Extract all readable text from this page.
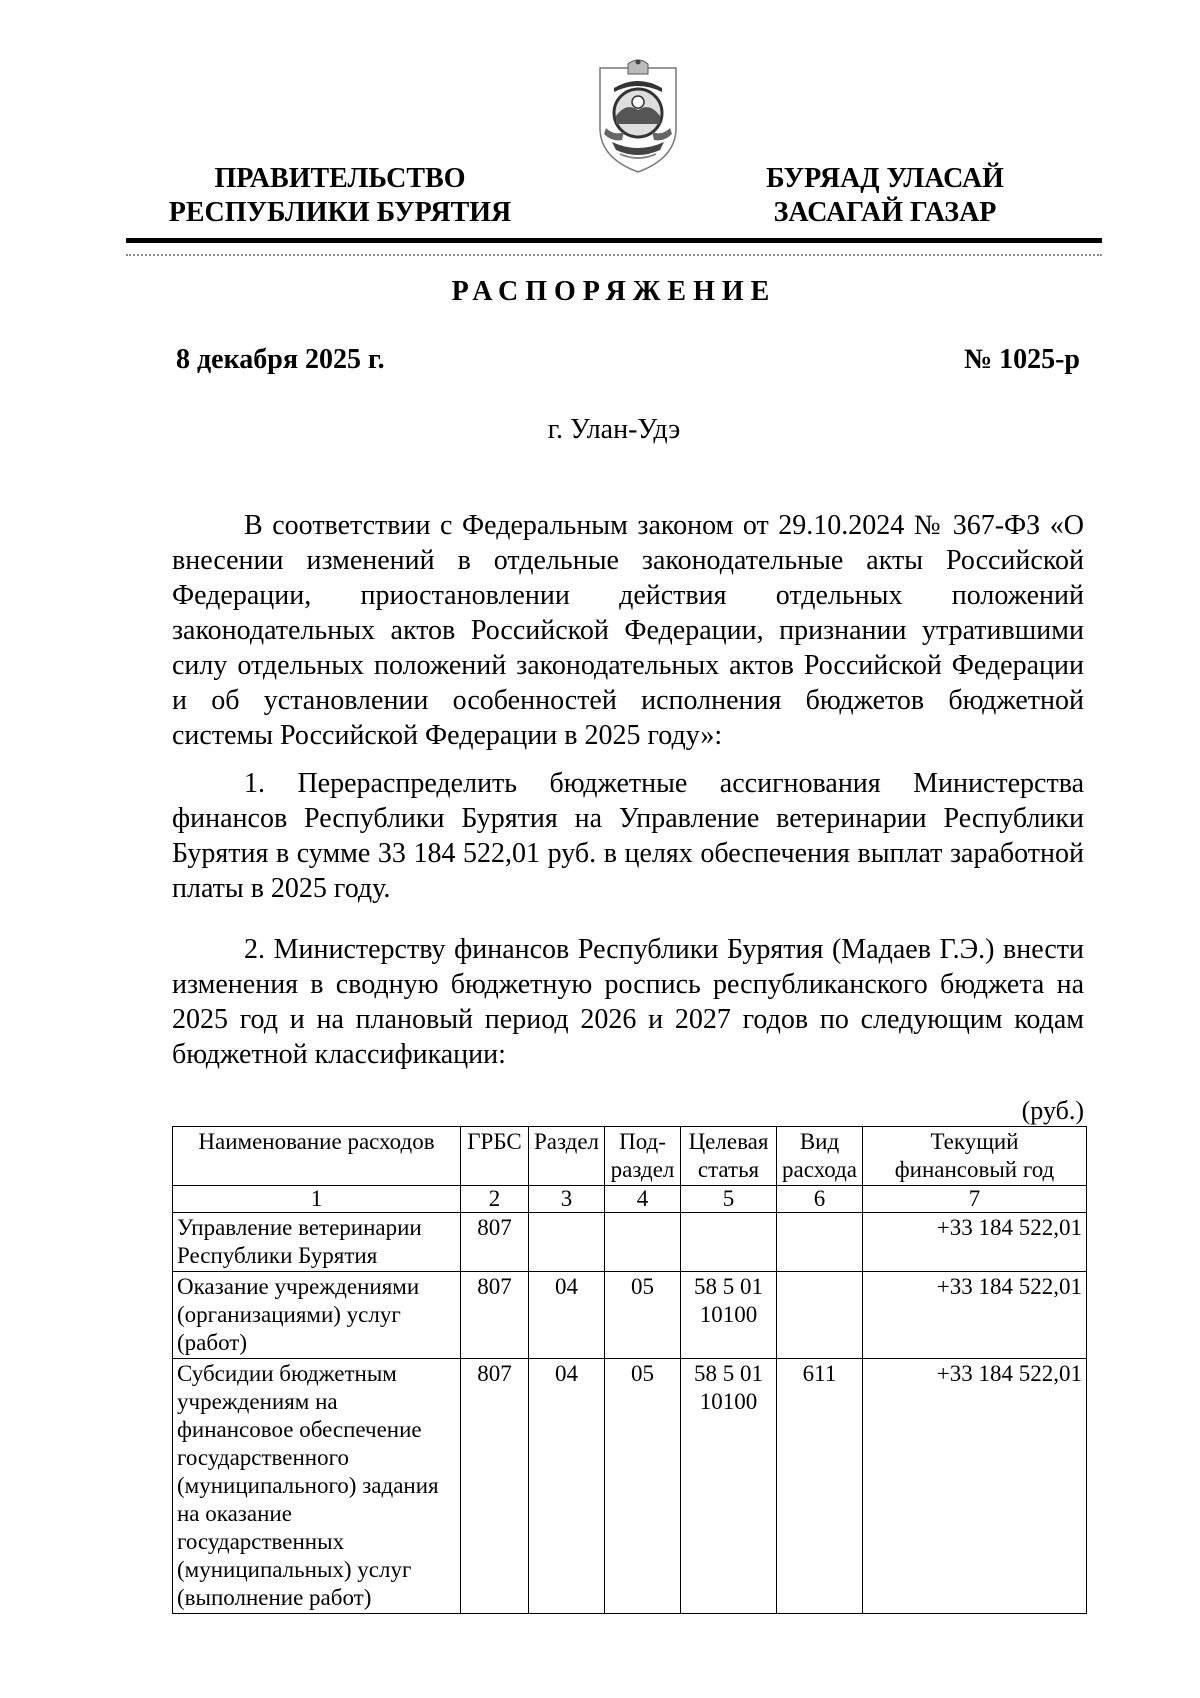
ПРАВИТЕЛЬСТВО
РЕСПУБЛИКИ БУРЯТИЯ
БУРЯАД УЛАСАЙ
ЗАСАГАЙ ГАЗАР
РАСПОРЯЖЕНИЕ
8 декабря 2025 г.	№ 1025-р
г. Улан-Удэ

В соответствии с Федеральным законом от 29.10.2024 № 367-ФЗ «О внесении изменений в отдельные законодательные акты Российской Федерации, приостановлении действия отдельных положений законодательных актов Российской Федерации, признании утратившими силу отдельных положений законодательных актов Российской Федерации и об установлении особенностей исполнения бюджетов бюджетной системы Российской Федерации в 2025 году»:

1. Перераспределить бюджетные ассигнования Министерства финансов Республики Бурятия на Управление ветеринарии Республики Бурятия в сумме 33 184 522,01 руб. в целях обеспечения выплат заработной платы в 2025 году.

2. Министерству финансов Республики Бурятия (Мадаев Г.Э.) внести изменения в сводную бюджетную роспись республиканского бюджета на 2025 год и на плановый период 2026 и 2027 годов по следующим кодам бюджетной классификации:

(руб.)
Наименование расходов	ГРБС	Раздел	Под-раздел	Целевая статья	Вид расхода	Текущий финансовый год
1	2	3	4	5	6	7
Управление ветеринарии Республики Бурятия	807					+33 184 522,01
Оказание учреждениями (организациями) услуг (работ)	807	04	05	58 5 01 10100		+33 184 522,01
Субсидии бюджетным учреждениям на финансовое обеспечение государственного (муниципального) задания на оказание государственных (муниципальных) услуг (выполнение работ)	807	04	05	58 5 01 10100	611	+33 184 522,01
